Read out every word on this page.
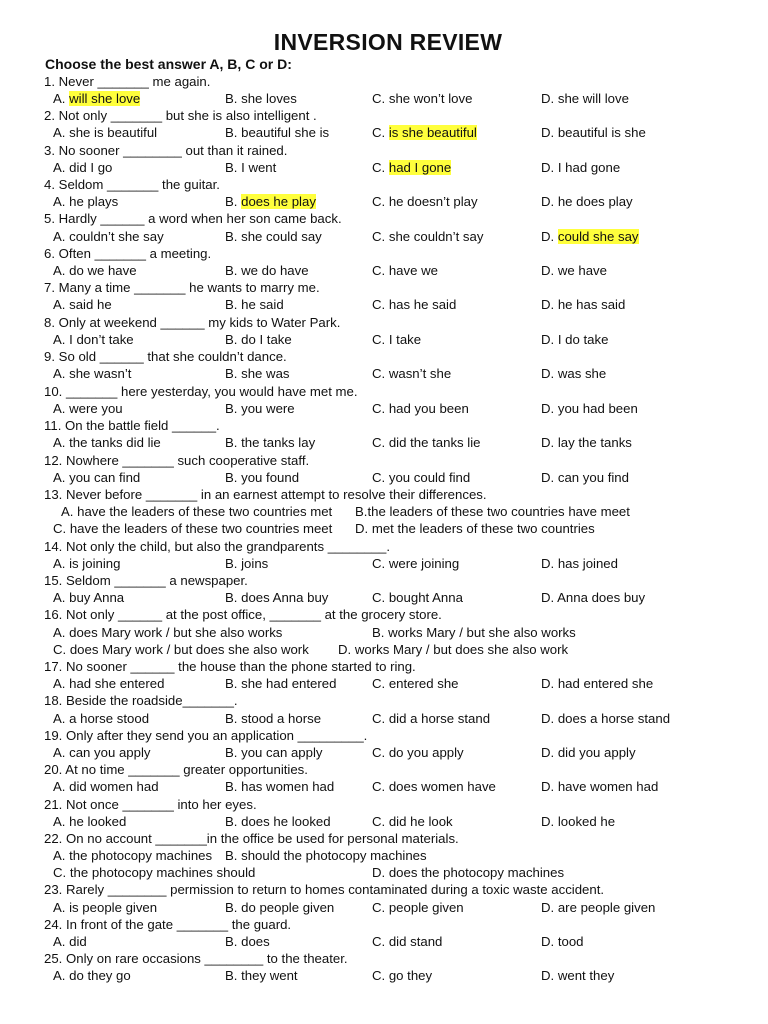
INVERSION REVIEW
Choose the best answer A, B, C or D:
1. Never _______ me again.
A. will she love	B. she loves	C. she won’t love	D. she will love
2. Not only _______ but she is also intelligent .
A. she is beautiful	B. beautiful she is	C. is she beautiful	D. beautiful is she
3. No sooner ________ out than it rained.
A. did I go	B. I went	C. had I gone	D. I had gone
4. Seldom _______ the guitar.
A. he plays	B. does he play	C. he doesn’t play	D. he does play
5. Hardly ______ a word when her son came back.
A. couldn’t she say	B. she could say	C. she couldn’t say	D. could she say
6. Often _______ a meeting.
A. do we have	B. we do have	C. have we	D. we have
7. Many a time _______ he wants to marry me.
A. said he	B. he said	C. has he said	D. he has said
8. Only at weekend ______ my kids to Water Park.
A. I don’t take	B. do I take	C. I take	D. I do take
9. So old ______ that she couldn’t dance.
A. she wasn’t	B. she was	C. wasn’t she	D. was she
10. _______ here yesterday, you would have met me.
A. were you	B. you were	C. had you been	D. you had been
11. On the battle field ______.
A. the tanks did lie	B. the tanks lay	C. did the tanks lie	D. lay the tanks
12. Nowhere _______ such cooperative staff.
A. you can find	B. you found	C. you could find	D. can you find
13. Never before _______ in an earnest attempt to resolve their differences.
A. have the leaders of these two countries met B.the leaders of these two countries have meet
C. have the leaders of these two countries meet D. met the leaders of these two countries
14. Not only the child, but also the grandparents ________.
A. is joining	B. joins	C. were joining	D. has joined
15. Seldom _______ a newspaper.
A. buy Anna	B. does Anna buy	C. bought Anna	D. Anna does buy
16. Not only ______ at the post office, _______ at the grocery store.
A. does Mary work / but she also works	B. works Mary / but she also works
C. does Mary work / but does she also work D. works Mary / but does she also work
17. No sooner ______ the house than the phone started to ring.
A. had she entered	B. she had entered	C. entered she	D. had entered she
18. Beside the roadside_______.
A. a horse stood	B. stood a horse	C. did a horse stand	D. does a horse stand
19. Only after they send you an application _________.
A. can you apply	B. you can apply	C. do you apply	D. did you apply
20. At no time _______ greater opportunities.
A. did women had	B. has women had	C. does women have	D. have women had
21. Not once _______ into her eyes.
A. he looked	B. does he looked	C. did he look	D. looked he
22. On no account _______in the office be used for personal materials.
A. the photocopy machines B. should the photocopy machines
C. the photocopy machines should	D. does the photocopy machines
23. Rarely ________ permission to return to homes contaminated during a toxic waste accident.
A. is people given	B. do people given	C. people given	D. are people given
24. In front of the gate _______ the guard.
A. did	B. does	C. did stand	D. tood
25. Only on rare occasions ________ to the theater.
A. do they go	B. they went	C. go they	D. went they
